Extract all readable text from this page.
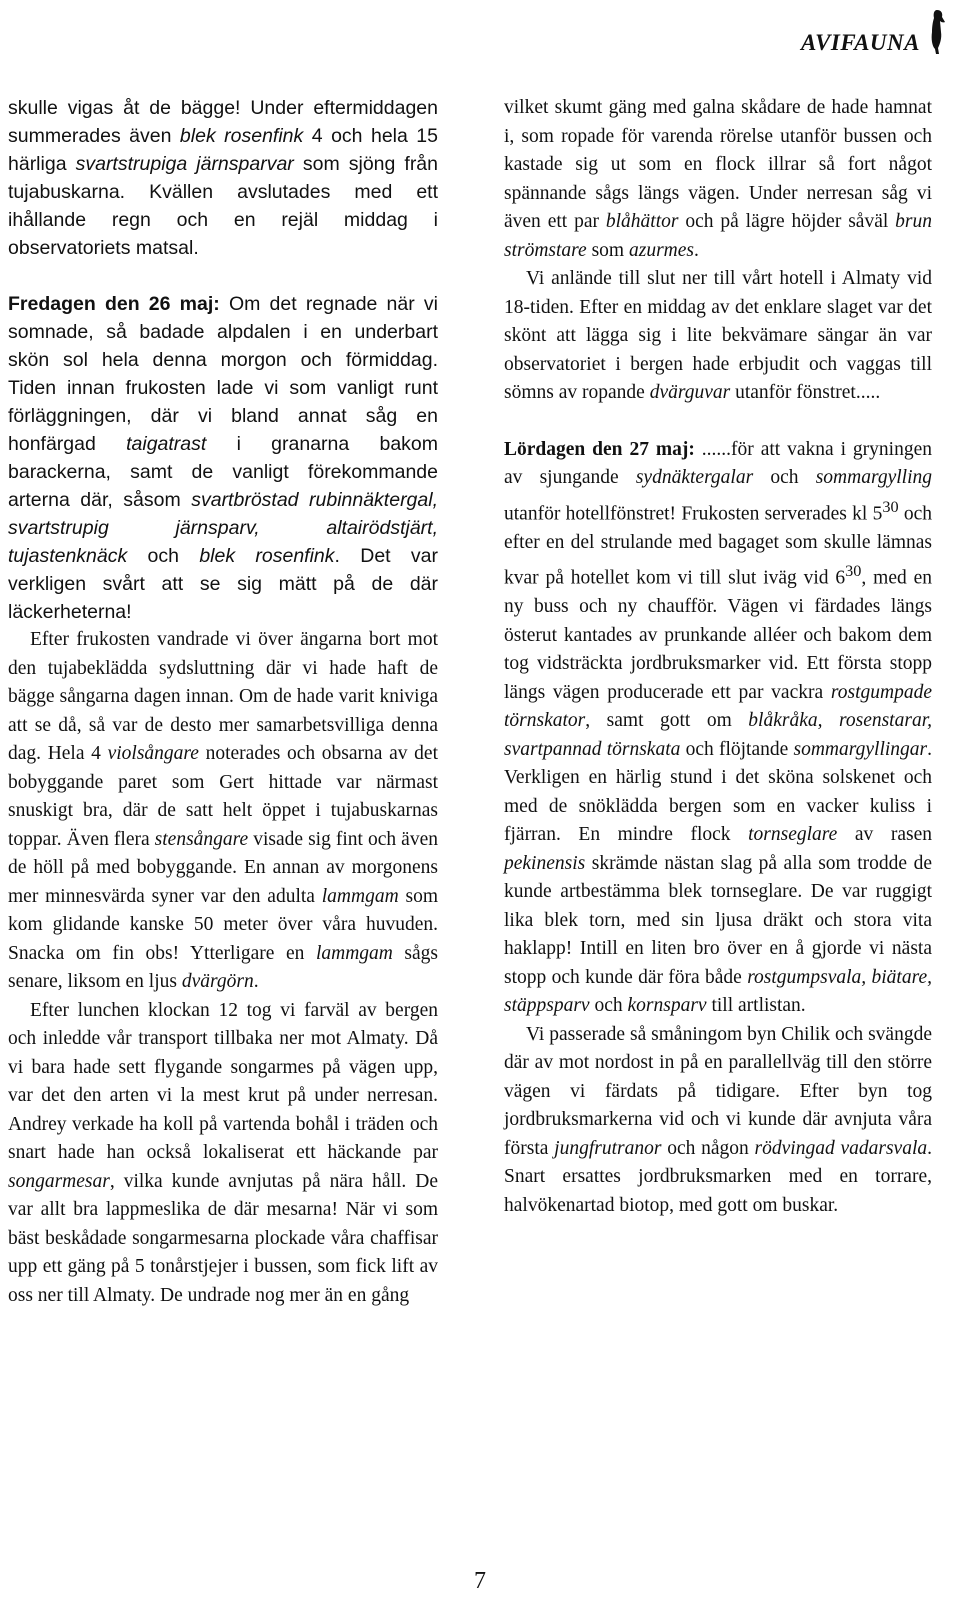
AVIFAUNA

skulle vigas åt de bägge! Under eftermiddagen summerades även blek rosenfink 4 och hela 15 härliga svartstrupiga järnsparvar som sjöng från tujabuskarna. Kvällen avslutades med ett ihållande regn och en rejäl middag i observatoriets matsal.

Fredagen den 26 maj: Om det regnade när vi somnade, så badade alpdalen i en underbart skön sol hela denna morgon och förmiddag. Tiden innan frukosten lade vi som vanligt runt förläggningen, där vi bland annat såg en honfärgad taigatrast i granarna bakom barackerna, samt de vanligt förekommande arterna där, såsom svartbröstad rubinnäktergal, svartstrupig järnsparv, altairödstjärt, tujastenknäck och blek rosenfink. Det var verkligen svårt att se sig mätt på de där läckerheterna!

Efter frukosten vandrade vi över ängarna bort mot den tujabeklädda sydsluttning där vi hade haft de bägge sångarna dagen innan. Om de hade varit kniviga att se då, så var de desto mer samarbetsvilliga denna dag. Hela 4 violsångare noterades och obsarna av det bobyggande paret som Gert hittade var närmast snuskigt bra, där de satt helt öppet i tujabuskarnas toppar. Även flera stensångare visade sig fint och även de höll på med bobyggande. En annan av morgonens mer minnesvärda syner var den adulta lammgam som kom glidande kanske 50 meter över våra huvuden. Snacka om fin obs! Ytterligare en lammgam sågs senare, liksom en ljus dvärgörn.

Efter lunchen klockan 12 tog vi farväl av bergen och inledde vår transport tillbaka ner mot Almaty. Då vi bara hade sett flygande songarmes på vägen upp, var det den arten vi la mest krut på under nerresan. Andrey verkade ha koll på vartenda bohål i träden och snart hade han också lokaliserat ett häckande par songarmesar, vilka kunde avnjutas på nära håll. De var allt bra lappmeslika de där mesarna! När vi som bäst beskådade songarmesarna plockade våra chaffisar upp ett gäng på 5 tonårstjejer i bussen, som fick lift av oss ner till Almaty. De undrade nog mer än en gång

vilket skumt gäng med galna skådare de hade hamnat i, som ropade för varenda rörelse utanför bussen och kastade sig ut som en flock illrar så fort något spännande sågs längs vägen. Under nerresan såg vi även ett par blåhättor och på lägre höjder såväl brun strömstare som azurmes.

Vi anlände till slut ner till vårt hotell i Almaty vid 18-tiden. Efter en middag av det enklare slaget var det skönt att lägga sig i lite bekvämare sängar än var observatoriet i bergen hade erbjudit och vaggas till sömns av ropande dvärguvar utanför fönstret.....

Lördagen den 27 maj: ......för att vakna i gryningen av sjungande sydnäktergalar och sommargylling utanför hotellfönstret! Frukosten serverades kl $5^{30}$ och efter en del strulande med bagaget som skulle lämnas kvar på hotellet kom vi till slut iväg vid $6^{30}$, med en ny buss och ny chaufför. Vägen vi färdades längs österut kantades av prunkande alléer och bakom dem tog vidsträckta jordbruksmarker vid. Ett första stopp längs vägen producerade ett par vackra rostgumpade törnskator, samt gott om blåkråka, rosenstarar, svartpannad törnskata och flöjtande sommargyllingar. Verkligen en härlig stund i det sköna solskenet och med de snöklädda bergen som en vacker kuliss i fjärran. En mindre flock tornseglare av rasen pekinensis skrämde nästan slag på alla som trodde de kunde artbestämma blek tornseglare. De var ruggigt lika blek torn, med sin ljusa dräkt och stora vita haklapp! Intill en liten bro över en å gjorde vi nästa stopp och kunde där föra både rostgumpsvala, biätare, stäppsparv och kornsparv till artlistan.

Vi passerade så småningom byn Chilik och svängde där av mot nordost in på en parallellväg till den större vägen vi färdats på tidigare. Efter byn tog jordbruksmarkerna vid och vi kunde där avnjuta våra första jungfrutranor och någon rödvingad vadarsvala. Snart ersattes jordbruksmarken med en torrare, halvökenartad biotop, med gott om buskar.

7
